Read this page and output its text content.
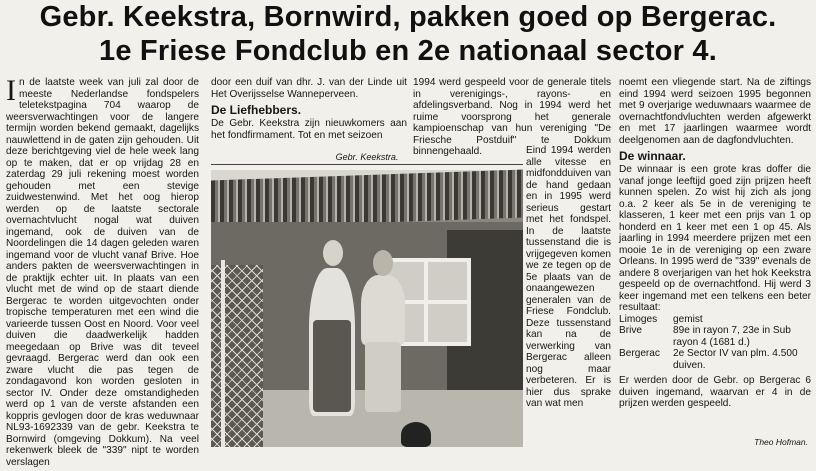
Gebr. Keekstra, Bornwird, pakken goed op Bergerac.
1e Friese Fondclub en 2e nationaal sector 4.

In de laatste week van juli zal door de meeste Nederlandse fondspelers teletekstpagina 704 waarop de weersverwachtingen voor de langere termijn worden bekend gemaakt, dagelijks nauwlettend in de gaten zijn gehouden. Uit deze berichtgeving viel de hele week lang op te maken, dat er op vrijdag 28 en zaterdag 29 juli rekening moest worden gehouden met een stevige zuidwestenwind. Met het oog hierop werden op de laatste sectorale overnachtvlucht nogal wat duiven ingemand, ook de duiven van de Noordelingen die 14 dagen geleden waren ingemand voor de vlucht vanaf Brive. Hoe anders pakten de weersverwachtingen in de praktijk echter uit. In plaats van een vlucht met de wind op de staart diende Bergerac te worden uitgevochten onder tropische temperaturen met een wind die varieerde tussen Oost en Noord. Voor veel duiven die daadwerkelijk hadden meegedaan op Brive was dit teveel gevraagd. Bergerac werd dan ook een zware vlucht die pas tegen de zondagavond kon worden gesloten in sector IV. Onder deze omstandigheden werd op 1 van de verste afstanden een koppris gevlogen door de kras weduwnaar NL93-1692339 van de gebr. Keekstra te Bornwird (omgeving Dokkum). Na veel rekenwerk bleek de "339" nipt te worden verslagen

door een duif van dhr. J. van der Linde uit Het Overijsselse Wanneperveen.

De Liefhebbers.

De Gebr. Keekstra zijn nieuwkomers aan het fondfirmament. Tot en met seizoen

1994 werd gespeeld voor de generale titels in verenigings-, rayons- en afdelingsverband. Nog in 1994 werd het ruime voorsprong het generale kampioenschap van hun vereniging "De Friesche Postduif" te Dokkum binnengehaald.

Gebr. Keekstra.

Eind 1994 werden alle vitesse en midfondduiven van de hand gedaan en in 1995 werd serieus gestart met het fondspel. In de laatste tussenstand die is vrijgegeven komen we ze tegen op de 5e plaats van de onaangewezen generalen van de Friese Fondclub. Deze tussenstand kan na de verwerking van Bergerac alleen nog maar verbeteren. Er is hier dus sprake van wat men

noemt een vliegende start. Na de ziftings eind 1994 werd seizoen 1995 begonnen met 9 overjarige weduwnaars waarmee de overnachtfondvluchten werden afgewerkt en met 17 jaarlingen waarmee wordt deelgenomen aan de dagfondvluchten.

De winnaar.

De winnaar is een grote kras doffer die vanaf jonge leeftijd goed zijn prijzen heeft kunnen spelen. Zo wist hij zich als jong o.a. 2 keer als 5e in de vereniging te klasseren, 1 keer met een prijs van 1 op honderd en 1 keer met een 1 op 45. Als jaarling in 1994 meerdere prijzen met een mooie 1e in de vereniging op een zware Orleans. In 1995 werd de "339" evenals de andere 8 overjarigen van het hok Keekstra gespeeld op de overnachtfond. Hij werd 3 keer ingemand met een telkens een beter resultaat:

Limoges	gemist
Brive	89e in rayon 7, 23e in Sub rayon 4 (1681 d.)
Bergerac	2e Sector IV van plm. 4.500 duiven.

Er werden door de Gebr. op Bergerac 6 duiven ingemand, waarvan er 4 in de prijzen werden gespeeld.

Theo Hofman.
